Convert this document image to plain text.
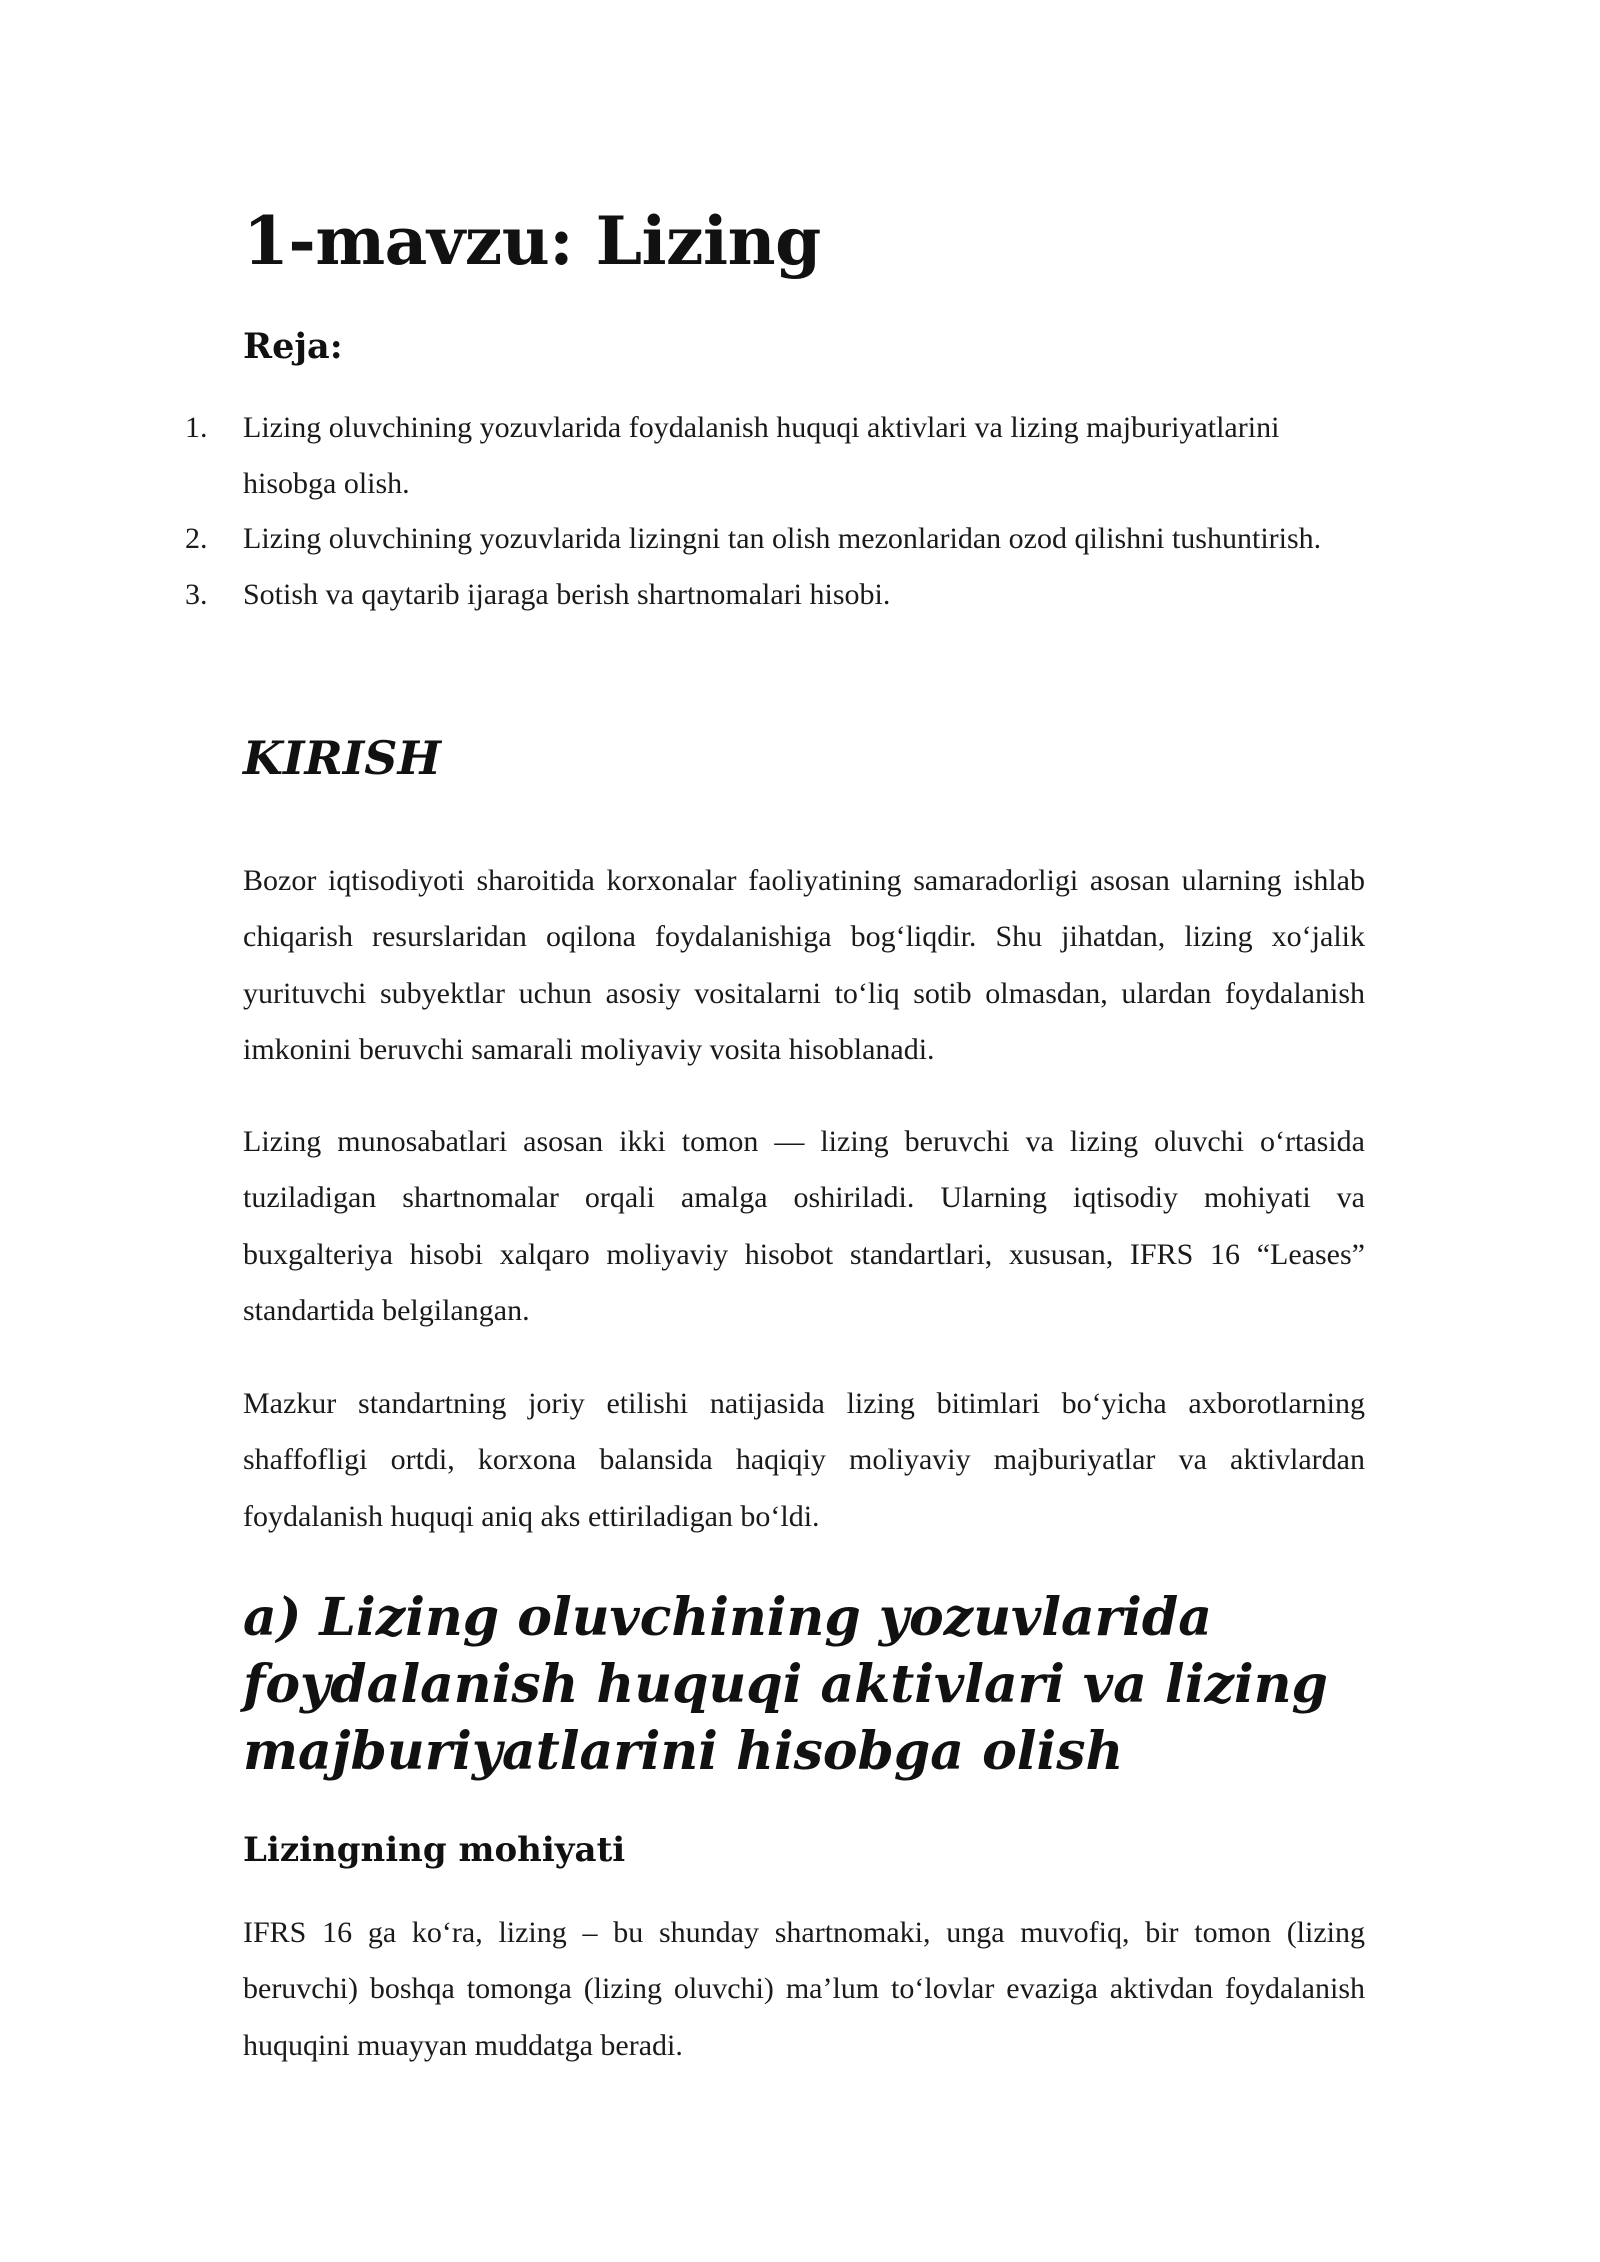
1-mavzu: Lizing
Reja:
1.	Lizing oluvchining yozuvlarida foydalanish huquqi aktivlari va lizing majburiyatlarini hisobga olish.
2.	Lizing oluvchining yozuvlarida lizingni tan olish mezonlaridan ozod qilishni tushuntirish.
3.	Sotish va qaytarib ijaraga berish shartnomalari hisobi.
KIRISH

Bozor iqtisodiyoti sharoitida korxonalar faoliyatining samaradorligi asosan ularning ishlab chiqarish resurslaridan oqilona foydalanishiga bog‘liqdir. Shu jihatdan, lizing xo‘jalik yurituvchi subyektlar uchun asosiy vositalarni to‘liq sotib olmasdan, ulardan foydalanish imkonini beruvchi samarali moliyaviy vosita hisoblanadi.

Lizing munosabatlari asosan ikki tomon — lizing beruvchi va lizing oluvchi o‘rtasida tuziladigan shartnomalar orqali amalga oshiriladi. Ularning iqtisodiy mohiyati va buxgalteriya hisobi xalqaro moliyaviy hisobot standartlari, xususan, IFRS 16 “Leases” standartida belgilangan.

Mazkur standartning joriy etilishi natijasida lizing bitimlari bo‘yicha axborotlarning shaffofligi ortdi, korxona balansida haqiqiy moliyaviy majburiyatlar va aktivlardan foydalanish huquqi aniq aks ettiriladigan bo‘ldi.

a) Lizing oluvchining yozuvlarida foydalanish huquqi aktivlari va lizing majburiyatlarini hisobga olish
Lizingning mohiyati

IFRS 16 ga ko‘ra, lizing – bu shunday shartnomaki, unga muvofiq, bir tomon (lizing beruvchi) boshqa tomonga (lizing oluvchi) ma’lum to‘lovlar evaziga aktivdan foydalanish huquqini muayyan muddatga beradi.
